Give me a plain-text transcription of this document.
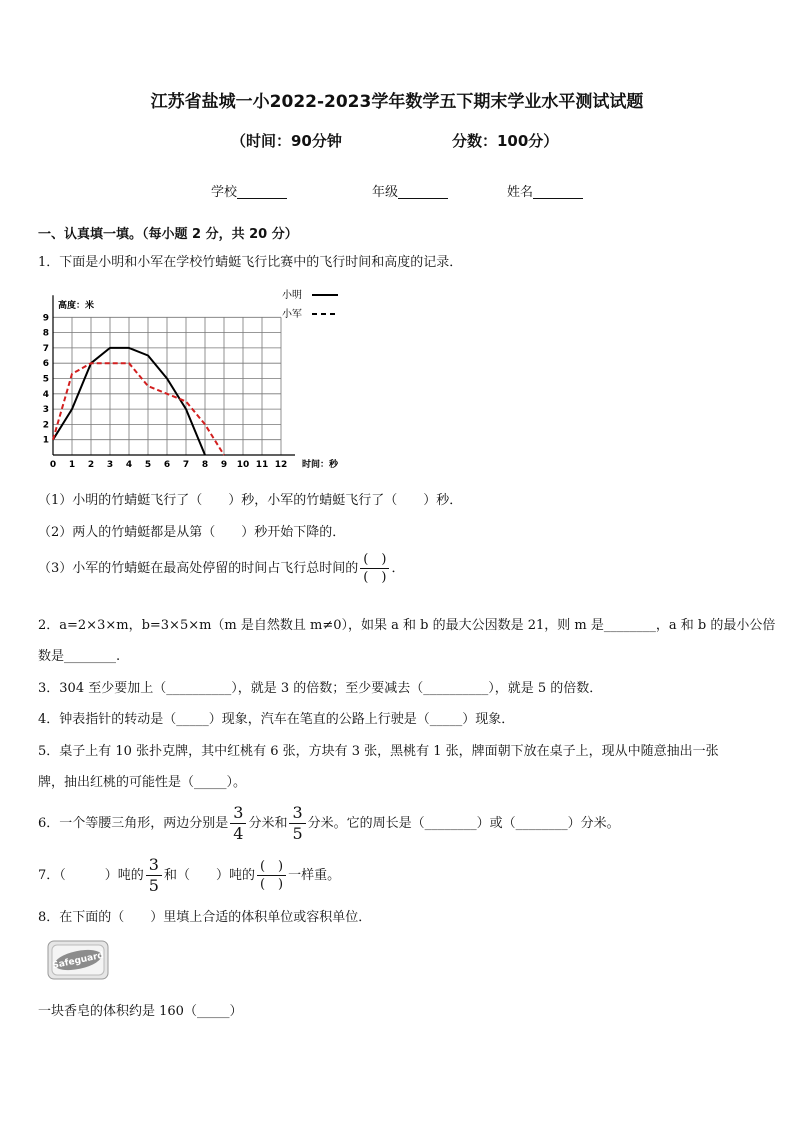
江苏省盐城一小2022-2023学年数学五下期末学业水平测试试题
（时间：90分钟	分数：100分）
学校	年级	姓名
一、认真填一填。（每小题 2 分，共 20 分）
1．下面是小明和小军在学校竹蜻蜓飞行比赛中的飞行时间和高度的记录．
0 1 2 3 4 5 6 7 8 9 10 11 12
1
2
3
4
5
6
7
8
9
高度：米
时间：秒
小明
小军
（1）小明的竹蜻蜓飞行了（　　）秒，小军的竹蜻蜓飞行了（　　）秒．
（2）两人的竹蜻蜓都是从第（　　）秒开始下降的．
（3）小军的竹蜻蜓在最高处停留的时间占飞行总时间的 $\frac{( )}{( )}$ ．
2．a=2×3×m，b=3×5×m（m 是自然数且 m≠0），如果 a 和 b 的最大公因数是 21，则 m 是________，a 和 b 的最小公倍
数是________.
3．304 至少要加上（__________），就是 3 的倍数；至少要减去（__________），就是 5 的倍数．
4．钟表指针的转动是（_____）现象，汽车在笔直的公路上行驶是（_____）现象．
5．桌子上有 10 张扑克牌，其中红桃有 6 张，方块有 3 张，黑桃有 1 张，牌面朝下放在桌子上，现从中随意抽出一张
牌，抽出红桃的可能性是（_____）。
6．一个等腰三角形，两边分别是 $\frac{3}{4}$ 分米和 $\frac{3}{5}$ 分米。它的周长是（________）或（________）分米。
7．（　　　）吨的 $\frac{3}{5}$ 和（　　）吨的 $\frac{( )}{( )}$ 一样重。
8．在下面的（　　）里填上合适的体积单位或容积单位．
Safeguard
一块香皂的体积约是 160（_____）
